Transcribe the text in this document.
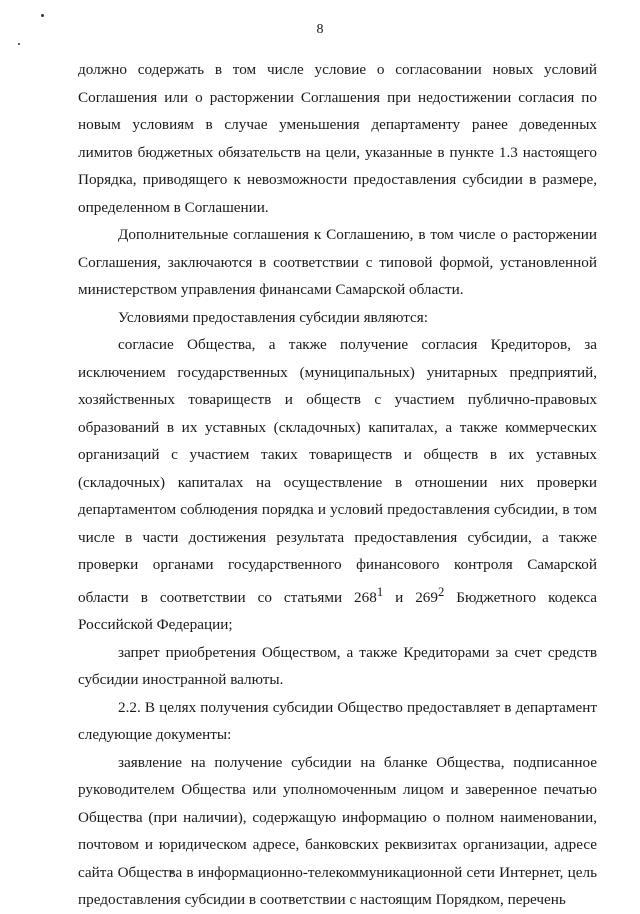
8

должно содержать в том числе условие о согласовании новых условий Соглашения или о расторжении Соглашения при недостижении согласия по новым условиям в случае уменьшения департаменту ранее доведенных лимитов бюджетных обязательств на цели, указанные в пункте 1.3 настоящего Порядка, приводящего к невозможности предоставления субсидии в размере, определенном в Соглашении.

Дополнительные соглашения к Соглашению, в том числе о расторжении Соглашения, заключаются в соответствии с типовой формой, установленной министерством управления финансами Самарской области.

Условиями предоставления субсидии являются:

согласие Общества, а также получение согласия Кредиторов, за исключением государственных (муниципальных) унитарных предприятий, хозяйственных товариществ и обществ с участием публично-правовых образований в их уставных (складочных) капиталах, а также коммерческих организаций с участием таких товариществ и обществ в их уставных (складочных) капиталах на осуществление в отношении них проверки департаментом соблюдения порядка и условий предоставления субсидии, в том числе в части достижения результата предоставления субсидии, а также проверки органами государственного финансового контроля Самарской области в соответствии со статьями $268^1$ и $269^2$ Бюджетного кодекса Российской Федерации;

запрет приобретения Обществом, а также Кредиторами за счет средств субсидии иностранной валюты.

2.2. В целях получения субсидии Общество предоставляет в департамент следующие документы:

заявление на получение субсидии на бланке Общества, подписанное руководителем Общества или уполномоченным лицом и заверенное печатью Общества (при наличии), содержащую информацию о полном наименовании, почтовом и юридическом адресе, банковских реквизитах организации, адресе сайта Общества в информационно-телекоммуникационной сети Интернет, цель предоставления субсидии в соответствии с настоящим Порядком, перечень
